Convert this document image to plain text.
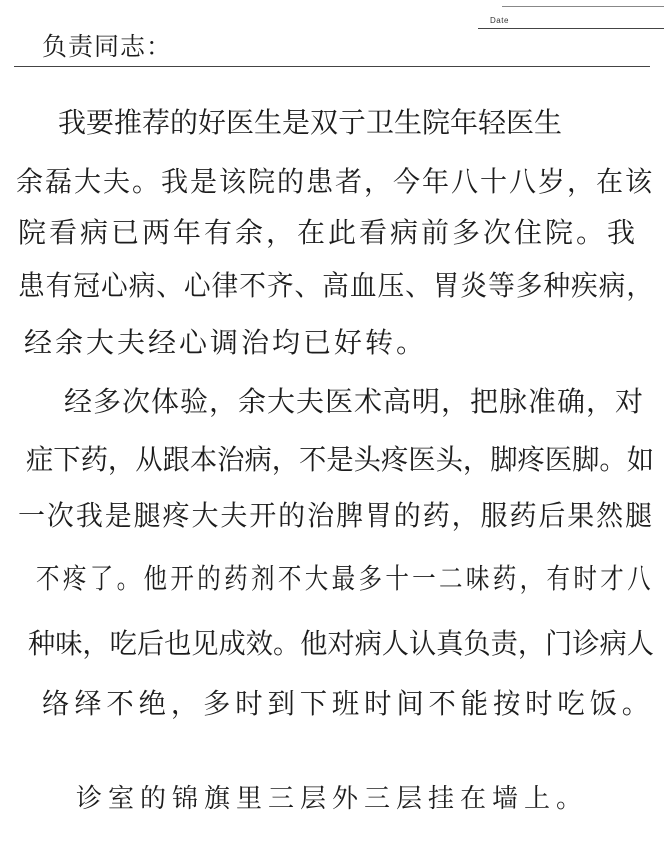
Date

负责同志：

我要推荐的好医生是双亍卫生院年轻医生

余磊大夫。我是该院的患者，今年八十八岁，在该

院看病已两年有余，在此看病前多次住院。我

患有冠心病、心律不齐、高血压、胃炎等多种疾病，

经余大夫经心调治均已好转。

经多次体验，余大夫医术高明，把脉准确，对

症下药，从跟本治病，不是头疼医头，脚疼医脚。如

一次我是腿疼大夫开的治脾胃的药，服药后果然腿

不疼了。他开的药剂不大最多十一二味药，有时才八

种味，吃后也见成效。他对病人认真负责，门诊病人

络绎不绝，多时到下班时间不能按时吃饭。

诊室的锦旗里三层外三层挂在墙上。
